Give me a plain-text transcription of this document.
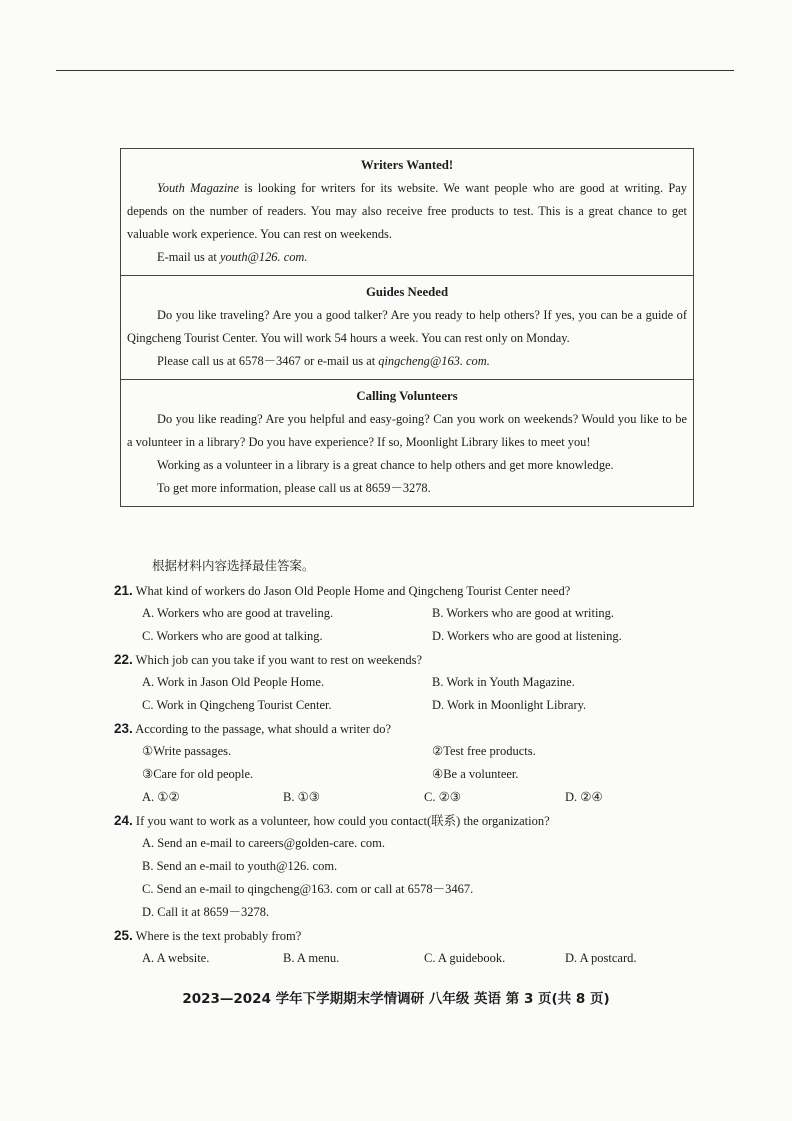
Writers Wanted!

Youth Magazine is looking for writers for its website. We want people who are good at writing. Pay depends on the number of readers. You may also receive free products to test. This is a great chance to get valuable work experience. You can rest on weekends.

E-mail us at youth@126. com.

Guides Needed

Do you like traveling? Are you a good talker? Are you ready to help others? If yes, you can be a guide of Qingcheng Tourist Center. You will work 54 hours a week. You can rest only on Monday.

Please call us at 6578－3467 or e-mail us at qingcheng@163. com.

Calling Volunteers

Do you like reading? Are you helpful and easy-going? Can you work on weekends? Would you like to be a volunteer in a library? Do you have experience? If so, Moonlight Library likes to meet you!

Working as a volunteer in a library is a great chance to help others and get more knowledge.

To get more information, please call us at 8659－3278.

根据材料内容选择最佳答案。
21. What kind of workers do Jason Old People Home and Qingcheng Tourist Center need?
A. Workers who are good at traveling.	B. Workers who are good at writing.
C. Workers who are good at talking.	D. Workers who are good at listening.
22. Which job can you take if you want to rest on weekends?
A. Work in Jason Old People Home.	B. Work in Youth Magazine.
C. Work in Qingcheng Tourist Center.	D. Work in Moonlight Library.
23. According to the passage, what should a writer do?
①Write passages.	②Test free products.
③Care for old people.	④Be a volunteer.
A. ①②	B. ①③	C. ②③	D. ②④
24. If you want to work as a volunteer, how could you contact(联系) the organization?
A. Send an e-mail to careers@golden-care. com.
B. Send an e-mail to youth@126. com.
C. Send an e-mail to qingcheng@163. com or call at 6578－3467.
D. Call it at 8659－3278.
25. Where is the text probably from?
A. A website.	B. A menu.	C. A guidebook.	D. A postcard.
2023—2024 学年下学期期末学情调研 八年级 英语 第 3 页(共 8 页)
